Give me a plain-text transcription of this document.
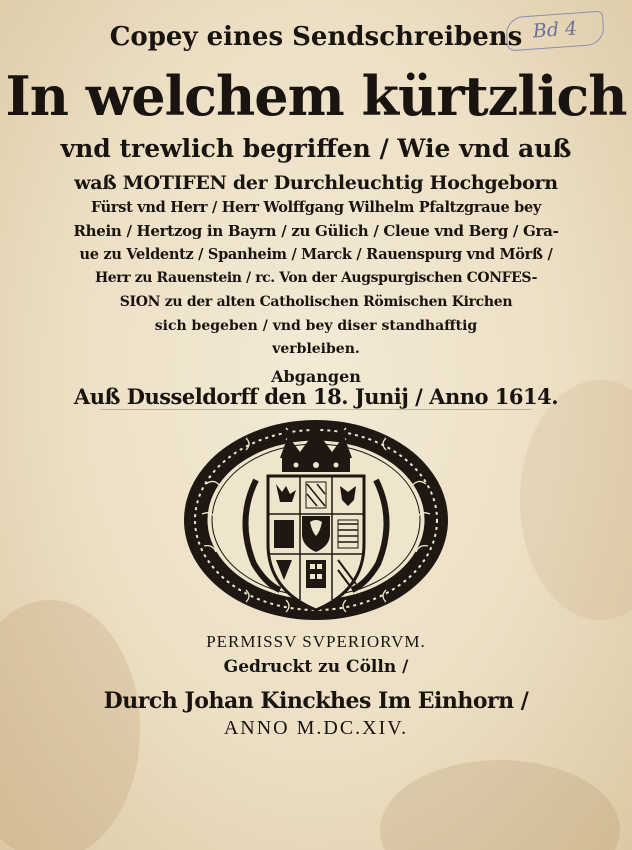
Bd 4
Copey eines Sendschreibens
In welchem kürtzlich
vnd trewlich begriffen / Wie vnd auß
waß MOTIFEN der Durchleuchtig Hochgeborn
Fürst vnd Herr / Herr Wolffgang Wilhelm Pfaltzgraue bey
Rhein / Hertzog in Bayrn / zu Gülich / Cleue vnd Berg / Gra-
ue zu Veldentz / Spanheim / Marck / Rauenspurg vnd Mörß /
Herr zu Rauenstein / rc. Von der Augspurgischen CONFES-
SION zu der alten Catholischen Römischen Kirchen
sich begeben / vnd bey diser standhafftig
verbleiben.
Abgangen
Auß Dusseldorff den 18. Junij / Anno 1614.
PERMISSV SVPERIORVM.
Gedruckt zu Cölln /
Durch Johan Kinckhes Im Einhorn /
ANNO M.DC.XIV.
